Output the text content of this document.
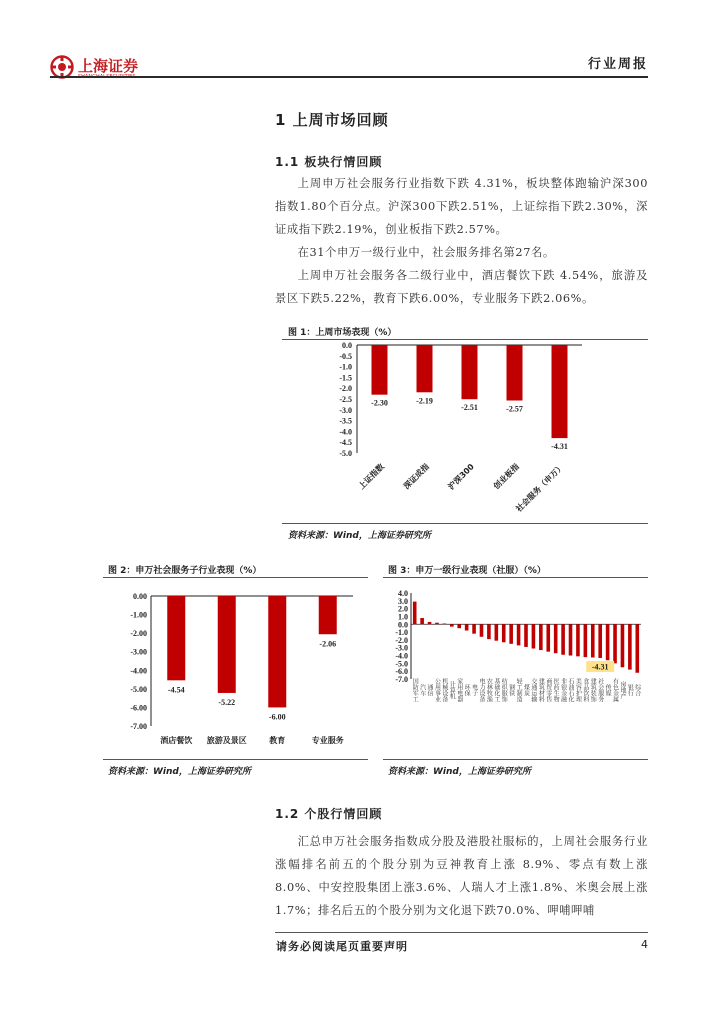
上海证券	行业周报
1 上周市场回顾
1.1 板块行情回顾

上周申万社会服务行业指数下跌 4.31%，板块整体跑输沪深300指数1.80个百分点。沪深300下跌2.51%，上证综指下跌2.30%，深证成指下跌2.19%，创业板指下跌2.57%。

在31个申万一级行业中，社会服务排名第27名。

上周申万社会服务各二级行业中，酒店餐饮下跌 4.54%，旅游及景区下跌5.22%，教育下跌6.00%，专业服务下跌2.06%。

图 1：上周市场表现（%）
0.0
-0.5
-1.0
-1.5
-2.0
-2.5
-3.0
-3.5
-4.0
-4.5
-5.0
-2.30
上证指数
-2.19
深证成指
-2.51
沪深300
-2.57
创业板指
-4.31
社会服务（申万）
资料来源：Wind，上海证券研究所
图 2：申万社会服务子行业表现（%）
0.00
-1.00
-2.00
-3.00
-4.00
-5.00
-6.00
-7.00
-4.54
酒店餐饮
-5.22
旅游及景区
-6.00
教育
-2.06
专业服务
资料来源：Wind，上海证券研究所
图 3：申万一级行业表现（社服）（%）
4.0
3.0
2.0
1.0
0.0
-1.0
-2.0
-3.0
-4.0
-5.0
-6.0
-7.0 国防军工 汽车 通信 公用事业 机械设备 计算机 家用电器 环保 电子 电力设备 农林牧渔 基础化工 纺织服饰 钢铁 轻工制造 煤炭 交通运输 建筑材料 商贸零售 医药生物 非银金融 石油石化 美容护理 食品饮料 建筑装饰 社会服务 传媒 有色金属 房地产 银行 综合
-4.31
资料来源：Wind，上海证券研究所
1.2 个股行情回顾

汇总申万社会服务指数成分股及港股社服标的，上周社会服务行业涨幅排名前五的个股分别为豆神教育上涨 8.9%、零点有数上涨8.0%、中安控股集团上涨3.6%、人瑞人才上涨1.8%、米奥会展上涨1.7%；排名后五的个股分别为文化退下跌70.0%、呷哺呷哺

请务必阅读尾页重要声明	4
